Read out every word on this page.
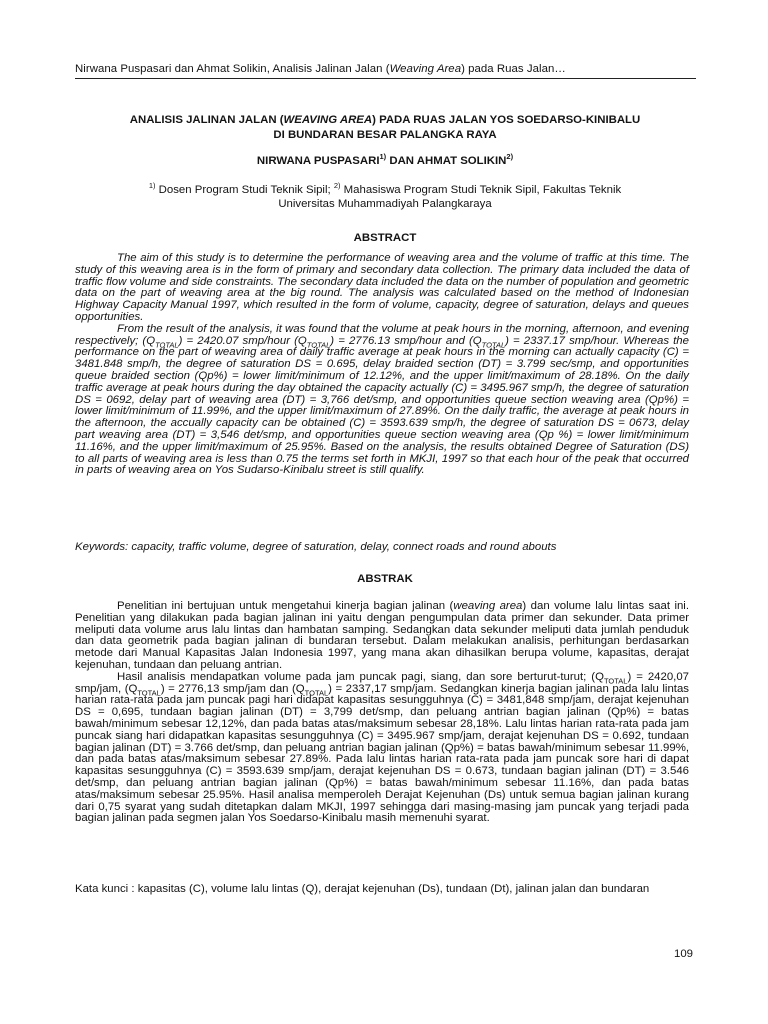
Nirwana Puspasari dan Ahmat Solikin, Analisis Jalinan Jalan (Weaving Area) pada Ruas Jalan…
ANALISIS JALINAN JALAN (WEAVING AREA) PADA RUAS JALAN YOS SOEDARSO-KINIBALU
DI BUNDARAN BESAR PALANGKA RAYA
NIRWANA PUSPASARI$^{1)}$ DAN AHMAT SOLIKIN$^{2)}$
$^{1)}$ Dosen Program Studi Teknik Sipil; $^{2)}$ Mahasiswa Program Studi Teknik Sipil, Fakultas Teknik
Universitas Muhammadiyah Palangkaraya
ABSTRACT

The aim of this study is to determine the performance of weaving area and the volume of traffic at this time. The study of this weaving area is in the form of primary and secondary data collection. The primary data included the data of traffic flow volume and side constraints. The secondary data included the data on the number of population and geometric data on the part of weaving area at the big round. The analysis was calculated based on the method of Indonesian Highway Capacity Manual 1997, which resulted in the form of volume, capacity, degree of saturation, delays and queues opportunities.

From the result of the analysis, it was found that the volume at peak hours in the morning, afternoon, and evening respectively; $(Q_{TOTAL}) = 2420.07$ smp/hour $(Q_{TOTAL}) = 2776.13$ smp/hour and $(Q_{TOTAL}) = 2337.17$ smp/hour. Whereas the performance on the part of weaving area of daily traffic average at peak hours in the morning can actually capacity (C) = 3481.848 smp/h, the degree of saturation DS = 0.695, delay braided section (DT) = 3.799 sec/smp, and opportunities queue braided section (Qp%) = lower limit/minimum of 12.12%, and the upper limit/maximum of 28.18%. On the daily traffic average at peak hours during the day obtained the capacity actually (C) = 3495.967 smp/h, the degree of saturation DS = 0692, delay part of weaving area (DT) = 3,766 det/smp, and opportunities queue section weaving area (Qp%) = lower limit/minimum of 11.99%, and the upper limit/maximum of 27.89%. On the daily traffic, the average at peak hours in the afternoon, the accually capacity can be obtained (C) = 3593.639 smp/h, the degree of saturation DS = 0673, delay part weaving area (DT) = 3,546 det/smp, and opportunities queue section weaving area (Qp %) = lower limit/minimum 11.16%, and the upper limit/maximum of 25.95%. Based on the analysis, the results obtained Degree of Saturation (DS) to all parts of weaving area is less than 0.75 the terms set forth in MKJI, 1997 so that each hour of the peak that occurred in parts of weaving area on Yos Sudarso-Kinibalu street is still qualify.

Keywords: capacity, traffic volume, degree of saturation, delay, connect roads and round abouts
ABSTRAK

Penelitian ini bertujuan untuk mengetahui kinerja bagian jalinan (weaving area) dan volume lalu lintas saat ini. Penelitian yang dilakukan pada bagian jalinan ini yaitu dengan pengumpulan data primer dan sekunder. Data primer meliputi data volume arus lalu lintas dan hambatan samping. Sedangkan data sekunder meliputi data jumlah penduduk dan data geometrik pada bagian jalinan di bundaran tersebut. Dalam melakukan analisis, perhitungan berdasarkan metode dari Manual Kapasitas Jalan Indonesia 1997, yang mana akan dihasilkan berupa volume, kapasitas, derajat kejenuhan, tundaan dan peluang antrian.

Hasil analisis mendapatkan volume pada jam puncak pagi, siang, dan sore berturut-turut; $(Q_{TOTAL}) = 2420,07$ smp/jam, $(Q_{TOTAL}) = 2776,13$ smp/jam dan $(Q_{TOTAL}) = 2337,17$ smp/jam. Sedangkan kinerja bagian jalinan pada lalu lintas harian rata-rata pada jam puncak pagi hari didapat kapasitas sesungguhnya (C) = 3481,848 smp/jam, derajat kejenuhan DS = 0,695, tundaan bagian jalinan (DT) = 3,799 det/smp, dan peluang antrian bagian jalinan (Qp%) = batas bawah/minimum sebesar 12,12%, dan pada batas atas/maksimum sebesar 28,18%. Lalu lintas harian rata-rata pada jam puncak siang hari didapatkan kapasitas sesungguhnya (C) = 3495.967 smp/jam, derajat kejenuhan DS = 0.692, tundaan bagian jalinan (DT) = 3.766 det/smp, dan peluang antrian bagian jalinan (Qp%) = batas bawah/minimum sebesar 11.99%, dan pada batas atas/maksimum sebesar 27.89%. Pada lalu lintas harian rata-rata pada jam puncak sore hari di dapat kapasitas sesungguhnya (C) = 3593.639 smp/jam, derajat kejenuhan DS = 0.673, tundaan bagian jalinan (DT) = 3.546 det/smp, dan peluang antrian bagian jalinan (Qp%) = batas bawah/minimum sebesar 11.16%, dan pada batas atas/maksimum sebesar 25.95%. Hasil analisa memperoleh Derajat Kejenuhan (Ds) untuk semua bagian jalinan kurang dari 0,75 syarat yang sudah ditetapkan dalam MKJI, 1997 sehingga dari masing-masing jam puncak yang terjadi pada bagian jalinan pada segmen jalan Yos Soedarso-Kinibalu masih memenuhi syarat.

Kata kunci : kapasitas (C), volume lalu lintas (Q), derajat kejenuhan (Ds), tundaan (Dt), jalinan jalan dan bundaran
109
